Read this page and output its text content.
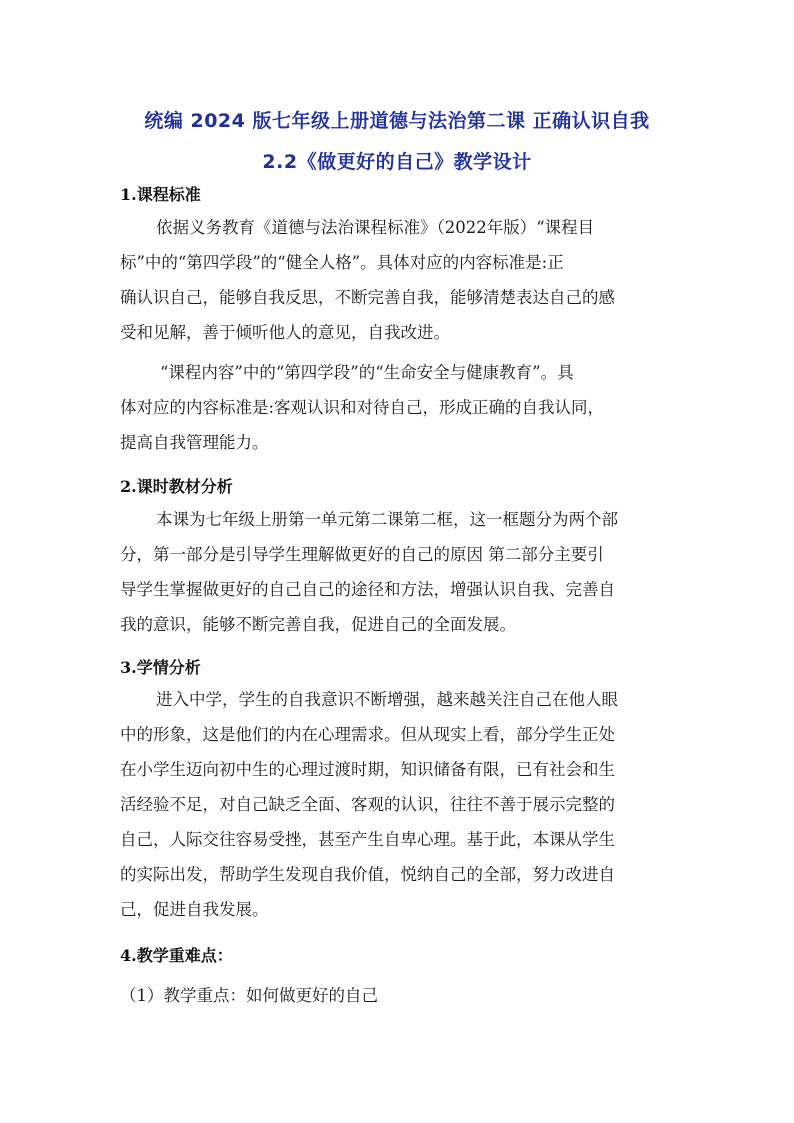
统编 2024 版七年级上册道德与法治第二课 正确认识自我
2.2《做更好的自己》教学设计
1.课程标准
依据义务教育《道德与法治课程标准》（2022年版）“课程目
标”中的“第四学段”的“健全人格”。具体对应的内容标准是:正
确认识自己，能够自我反思，不断完善自我，能够清楚表达自己的感
受和见解，善于倾听他人的意见，自我改进。
“课程内容”中的“第四学段”的“生命安全与健康教育”。具
体对应的内容标准是:客观认识和对待自己，形成正确的自我认同，
提高自我管理能力。
2.课时教材分析
本课为七年级上册第一单元第二课第二框，这一框题分为两个部
分，第一部分是引导学生理解做更好的自己的原因 第二部分主要引
导学生掌握做更好的自己自己的途径和方法，增强认识自我、完善自
我的意识，能够不断完善自我，促进自己的全面发展。
3.学情分析
进入中学，学生的自我意识不断增强，越来越关注自己在他人眼
中的形象，这是他们的内在心理需求。但从现实上看，部分学生正处
在小学生迈向初中生的心理过渡时期，知识储备有限，已有社会和生
活经验不足，对自己缺乏全面、客观的认识，往往不善于展示完整的
自己，人际交往容易受挫，甚至产生自卑心理。基于此，本课从学生
的实际出发，帮助学生发现自我价值，悦纳自己的全部，努力改进自
己，促进自我发展。
4.教学重难点：
（1）教学重点：如何做更好的自己
